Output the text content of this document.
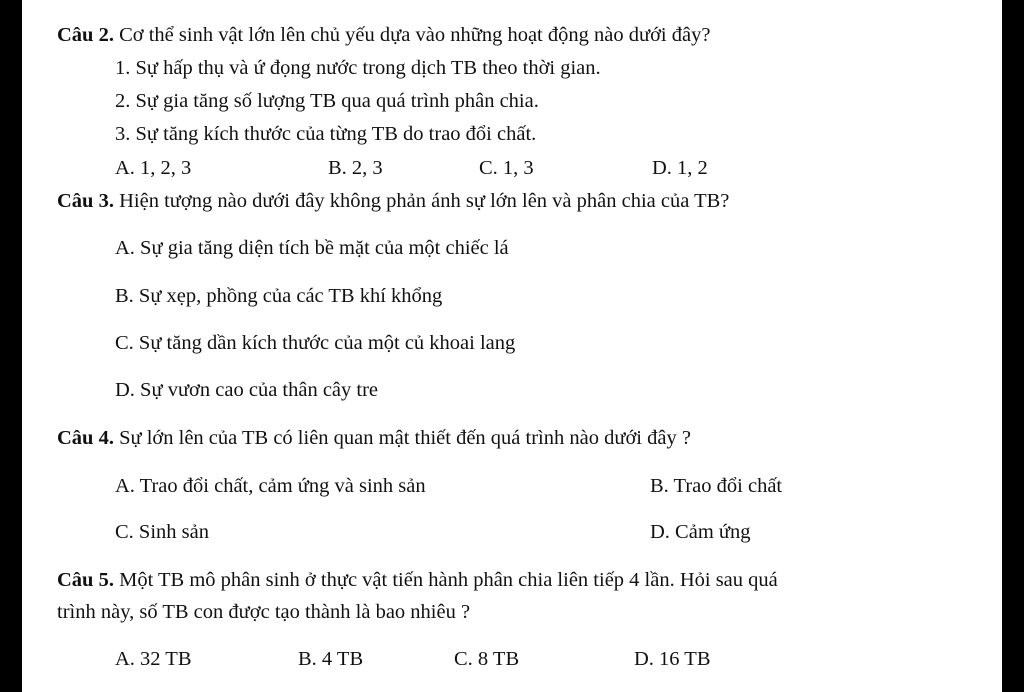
Câu 2. Cơ thể sinh vật lớn lên chủ yếu dựa vào những hoạt động nào dưới đây?
1. Sự hấp thụ và ứ đọng nước trong dịch TB theo thời gian.
2. Sự gia tăng số lượng TB qua quá trình phân chia.
3. Sự tăng kích thước của từng TB do trao đổi chất.
A. 1, 2, 3	B. 2, 3	C. 1, 3	D. 1, 2
Câu 3. Hiện tượng nào dưới đây không phản ánh sự lớn lên và phân chia của TB?
A. Sự gia tăng diện tích bề mặt của một chiếc lá
B. Sự xẹp, phồng của các TB khí khổng
C. Sự tăng dần kích thước của một củ khoai lang
D. Sự vươn cao của thân cây tre
Câu 4. Sự lớn lên của TB có liên quan mật thiết đến quá trình nào dưới đây ?
A. Trao đổi chất, cảm ứng và sinh sản	B. Trao đổi chất
C. Sinh sản	D. Cảm ứng
Câu 5. Một TB mô phân sinh ở thực vật tiến hành phân chia liên tiếp 4 lần. Hỏi sau quá
trình này, số TB con được tạo thành là bao nhiêu ?
A. 32 TB	B. 4 TB	C. 8 TB	D. 16 TB
